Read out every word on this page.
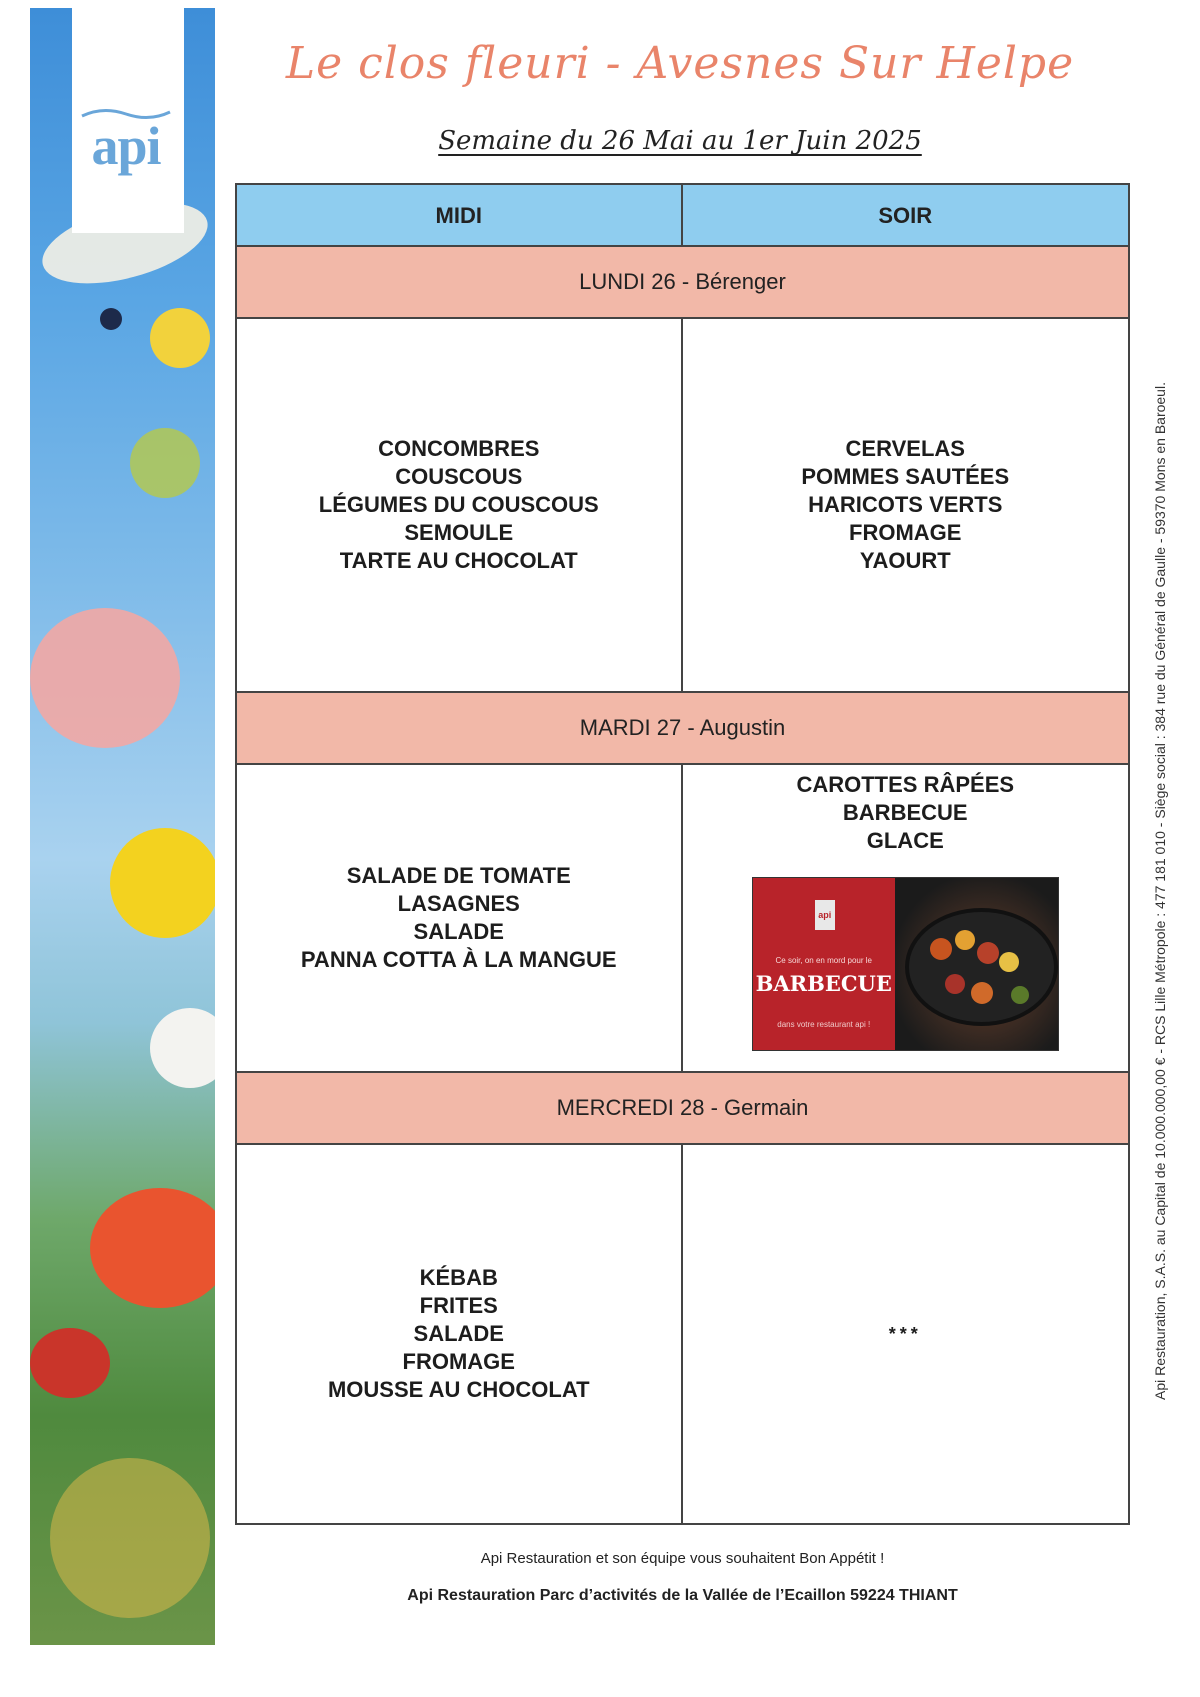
api
Le clos fleuri - Avesnes Sur Helpe
Semaine du 26 Mai au 1er Juin 2025
MIDI	SOIR
LUNDI 26 - Bérenger
CONCOMBRES
COUSCOUS
LÉGUMES DU COUSCOUS
SEMOULE
TARTE AU CHOCOLAT
CERVELAS
POMMES SAUTÉES
HARICOTS VERTS
FROMAGE
YAOURT
MARDI 27 - Augustin
SALADE DE TOMATE
LASAGNES
SALADE
PANNA COTTA À LA MANGUE
CAROTTES RÂPÉES
BARBECUE
GLACE
api
Ce soir, on en mord pour le
BARBECUE
dans votre restaurant api !
MERCREDI 28 - Germain
KÉBAB
FRITES
SALADE
FROMAGE
MOUSSE AU CHOCOLAT
***	Api Restauration, S.A.S. au Capital de 10.000.000,00 € - RCS Lille Métropole : 477 181 010 - Siège social : 384 rue du Général de Gaulle - 59370 Mons en Baroeul.
Api Restauration et son équipe vous souhaitent Bon Appétit !
Api Restauration Parc d’activités de la Vallée de l’Ecaillon 59224 THIANT
